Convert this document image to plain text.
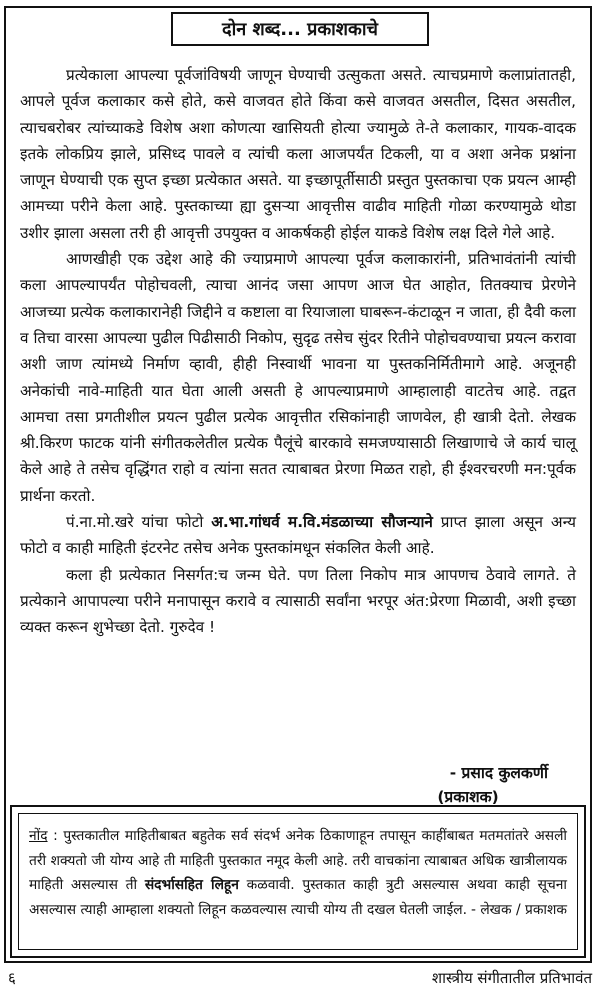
दोन शब्द... प्रकाशकाचे

प्रत्येकाला आपल्या पूर्वजांविषयी जाणून घेण्याची उत्सुकता असते. त्याचप्रमाणे कलाप्रांतातही, आपले पूर्वज कलाकार कसे होते, कसे वाजवत होते किंवा कसे वाजवत असतील, दिसत असतील, त्याचबरोबर त्यांच्याकडे विशेष अशा कोणत्या खासियती होत्या ज्यामुळे ते-ते कलाकार, गायक-वादक इतके लोकप्रिय झाले, प्रसिध्द पावले व त्यांची कला आजपर्यंत टिकली, या व अशा अनेक प्रश्नांना जाणून घेण्याची एक सुप्त इच्छा प्रत्येकात असते. या इच्छापूर्तीसाठी प्रस्तुत पुस्तकाचा एक प्रयत्न आम्ही आमच्या परीने केला आहे. पुस्तकाच्या ह्या दुसऱ्या आवृत्तीस वाढीव माहिती गोळा करण्यामुळे थोडा उशीर झाला असला तरी ही आवृत्ती उपयुक्त व आकर्षकही होईल याकडे विशेष लक्ष दिले गेले आहे.

आणखीही एक उद्देश आहे की ज्याप्रमाणे आपल्या पूर्वज कलाकारांनी, प्रतिभावंतांनी त्यांची कला आपल्यापर्यंत पोहोचवली, त्याचा आनंद जसा आपण आज घेत आहोत, तितक्याच प्रेरणेने आजच्या प्रत्येक कलाकारानेही जिद्दीने व कष्टाला वा रियाजाला घाबरून-कंटाळून न जाता, ही दैवी कला व तिचा वारसा आपल्या पुढील पिढीसाठी निकोप, सुदृढ तसेच सुंदर रितीने पोहोचवण्याचा प्रयत्न करावा अशी जाण त्यांमध्ये निर्माण व्हावी, हीही निस्वार्थी भावना या पुस्तकनिर्मितीमागे आहे. अजूनही अनेकांची नावे-माहिती यात घेता आली असती हे आपल्याप्रमाणे आम्हालाही वाटतेच आहे. तद्वत आमचा तसा प्रगतीशील प्रयत्न पुढील प्रत्येक आवृत्तीत रसिकांनाही जाणवेल, ही खात्री देतो. लेखक श्री.किरण फाटक यांनी संगीतकलेतील प्रत्येक पैलूंचे बारकावे समजण्यासाठी लिखाणाचे जे कार्य चालू केले आहे ते तसेच वृद्धिंगत राहो व त्यांना सतत त्याबाबत प्रेरणा मिळत राहो, ही ईश्वरचरणी मन:पूर्वक प्रार्थना करतो.

पं.ना.मो.खरे यांचा फोटो अ.भा.गांधर्व म.वि.मंडळाच्या सौजन्याने प्राप्त झाला असून अन्य फोटो व काही माहिती इंटरनेट तसेच अनेक पुस्तकांमधून संकलित केली आहे.

कला ही प्रत्येकात निसर्गत:च जन्म घेते. पण तिला निकोप मात्र आपणच ठेवावे लागते. ते प्रत्येकाने आपापल्या परीने मनापासून करावे व त्यासाठी सर्वांना भरपूर अंत:प्रेरणा मिळावी, अशी इच्छा व्यक्त करून शुभेच्छा देतो. गुरुदेव !

- प्रसाद कुलकर्णी
(प्रकाशक)
नोंद : पुस्तकातील माहितीबाबत बहुतेक सर्व संदर्भ अनेक ठिकाणाहून तपासून काहींबाबत मतमतांतरे असली तरी शक्यतो जी योग्य आहे ती माहिती पुस्तकात नमूद केली आहे. तरी वाचकांना त्याबाबत अधिक खात्रीलायक माहिती असल्यास ती संदर्भासहित लिहून कळवावी. पुस्तकात काही त्रुटी असल्यास अथवा काही सूचना असल्यास त्याही आम्हाला शक्यतो लिहून कळवल्यास त्याची योग्य ती दखल घेतली जाईल. - लेखक / प्रकाशक
६	शास्त्रीय संगीतातील प्रतिभावंत
